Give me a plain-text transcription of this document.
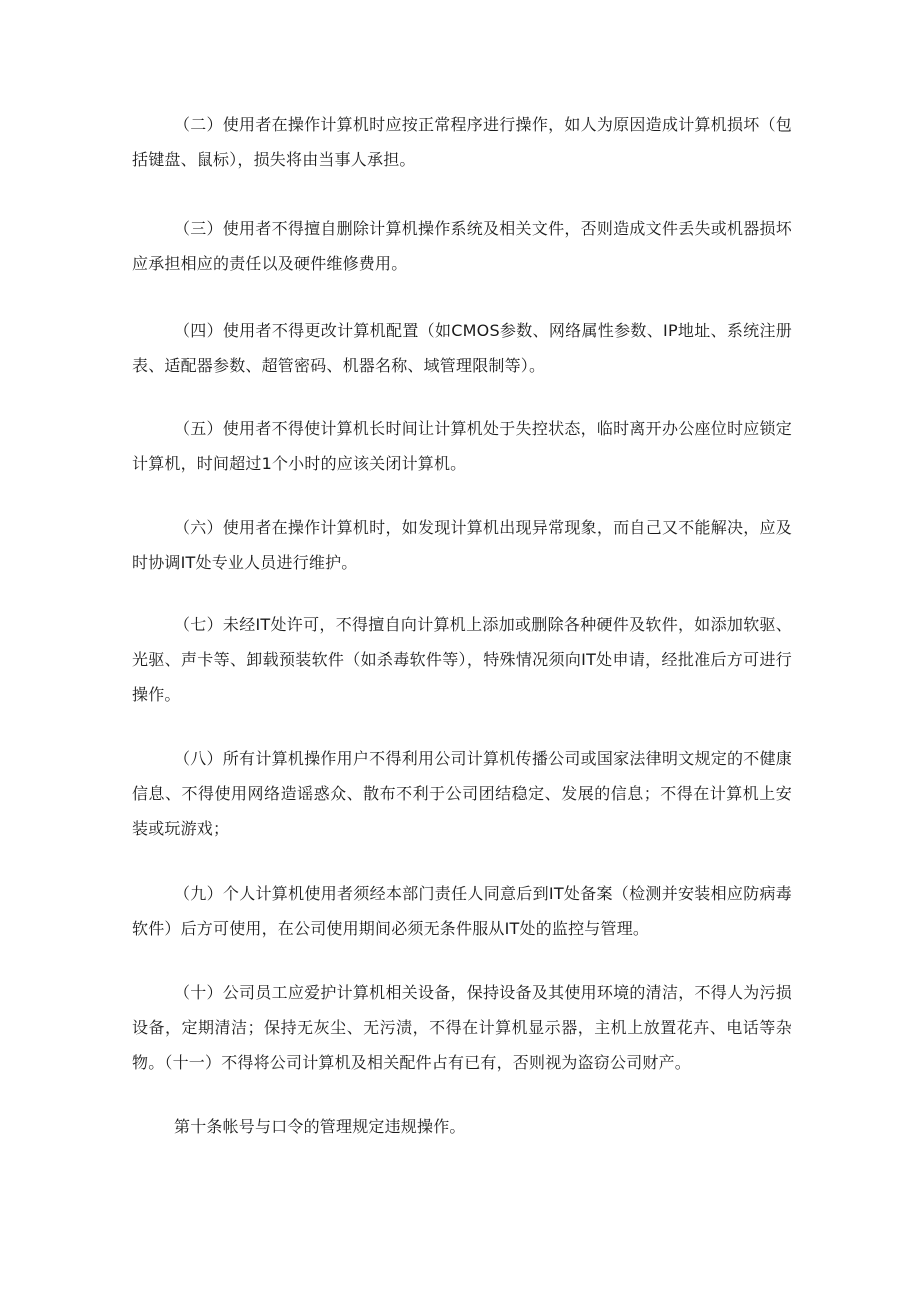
（二）使用者在操作计算机时应按正常程序进行操作，如人为原因造成计算机损坏（包括键盘、鼠标），损失将由当事人承担。

（三）使用者不得擅自删除计算机操作系统及相关文件，否则造成文件丢失或机器损坏应承担相应的责任以及硬件维修费用。

（四）使用者不得更改计算机配置（如CMOS参数、网络属性参数、IP地址、系统注册表、适配器参数、超管密码、机器名称、域管理限制等）。

（五）使用者不得使计算机长时间让计算机处于失控状态，临时离开办公座位时应锁定计算机，时间超过1个小时的应该关闭计算机。

（六）使用者在操作计算机时，如发现计算机出现异常现象，而自己又不能解决，应及时协调IT处专业人员进行维护。

（七）未经IT处许可，不得擅自向计算机上添加或删除各种硬件及软件，如添加软驱、光驱、声卡等、卸载预装软件（如杀毒软件等），特殊情况须向IT处申请，经批准后方可进行操作。

（八）所有计算机操作用户不得利用公司计算机传播公司或国家法律明文规定的不健康信息、不得使用网络造谣惑众、散布不利于公司团结稳定、发展的信息；不得在计算机上安装或玩游戏；

（九）个人计算机使用者须经本部门责任人同意后到IT处备案（检测并安装相应防病毒软件）后方可使用，在公司使用期间必须无条件服从IT处的监控与管理。

（十）公司员工应爱护计算机相关设备，保持设备及其使用环境的清洁，不得人为污损设备，定期清洁；保持无灰尘、无污渍，不得在计算机显示器，主机上放置花卉、电话等杂物。（十一）不得将公司计算机及相关配件占有已有，否则视为盗窃公司财产。

第十条帐号与口令的管理规定违规操作。
